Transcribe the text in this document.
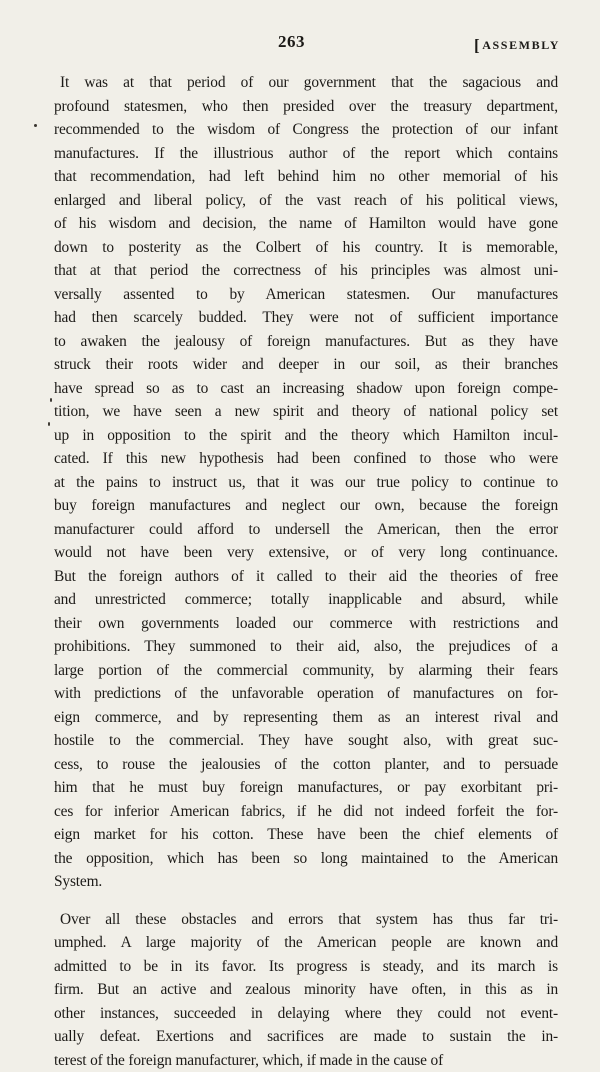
263	[ASSEMBLY
It was at that period of our government that the sagacious and
profound statesmen, who then presided over the treasury department,
recommended to the wisdom of Congress the protection of our infant
manufactures. If the illustrious author of the report which contains
that recommendation, had left behind him no other memorial of his
enlarged and liberal policy, of the vast reach of his political views,
of his wisdom and decision, the name of Hamilton would have gone
down to posterity as the Colbert of his country. It is memorable,
that at that period the correctness of his principles was almost uni-
versally assented to by American statesmen. Our manufactures
had then scarcely budded. They were not of sufficient importance
to awaken the jealousy of foreign manufactures. But as they have
struck their roots wider and deeper in our soil, as their branches
have spread so as to cast an increasing shadow upon foreign compe-
tition, we have seen a new spirit and theory of national policy set
up in opposition to the spirit and the theory which Hamilton incul-
cated. If this new hypothesis had been confined to those who were
at the pains to instruct us, that it was our true policy to continue to
buy foreign manufactures and neglect our own, because the foreign
manufacturer could afford to undersell the American, then the error
would not have been very extensive, or of very long continuance.
But the foreign authors of it called to their aid the theories of free
and unrestricted commerce; totally inapplicable and absurd, while
their own governments loaded our commerce with restrictions and
prohibitions. They summoned to their aid, also, the prejudices of a
large portion of the commercial community, by alarming their fears
with predictions of the unfavorable operation of manufactures on for-
eign commerce, and by representing them as an interest rival and
hostile to the commercial. They have sought also, with great suc-
cess, to rouse the jealousies of the cotton planter, and to persuade
him that he must buy foreign manufactures, or pay exorbitant pri-
ces for inferior American fabrics, if he did not indeed forfeit the for-
eign market for his cotton. These have been the chief elements of
the opposition, which has been so long maintained to the American
System.
Over all these obstacles and errors that system has thus far tri-
umphed. A large majority of the American people are known and
admitted to be in its favor. Its progress is steady, and its march is
firm. But an active and zealous minority have often, in this as in
other instances, succeeded in delaying where they could not event-
ually defeat. Exertions and sacrifices are made to sustain the in-
terest of the foreign manufacturer, which, if made in the cause of
